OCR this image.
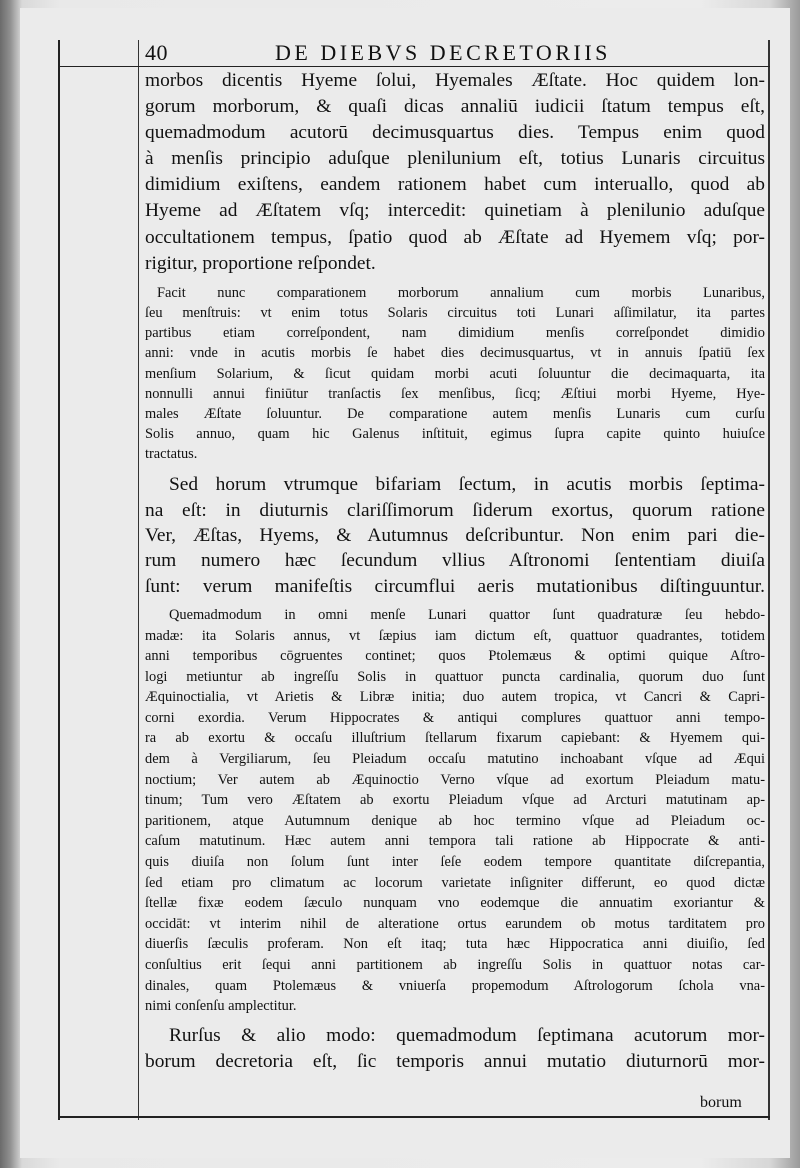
40	DE DIEBVS DECRETORIIS
morbos dicentis Hyeme ſolui, Hyemales Æſtate. Hoc quidem lon-
gorum morborum, & quaſi dicas annaliū iudicii ſtatum tempus eſt,
quemadmodum acutorū decimusquartus dies. Tempus enim quod
à menſis principio aduſque plenilunium eſt, totius Lunaris circuitus
dimidium exiſtens, eandem rationem habet cum interuallo, quod ab
Hyeme ad Æſtatem vſq; intercedit: quinetiam à plenilunio aduſque
occultationem tempus, ſpatio quod ab Æſtate ad Hyemem vſq; por-
rigitur, proportione reſpondet.
Facit nunc comparationem morborum annalium cum morbis Lunaribus,
ſeu menſtruis: vt enim totus Solaris circuitus toti Lunari aſſimilatur, ita partes
partibus etiam correſpondent, nam dimidium menſis correſpondet dimidio
anni: vnde in acutis morbis ſe habet dies decimusquartus, vt in annuis ſpatiū ſex
menſium Solarium, & ſicut quidam morbi acuti ſoluuntur die decimaquarta, ita
nonnulli annui finiūtur tranſactis ſex menſibus, ſicq; Æſtiui morbi Hyeme, Hye-
males Æſtate ſoluuntur. De comparatione autem menſis Lunaris cum curſu
Solis annuo, quam hic Galenus inſtituit, egimus ſupra capite quinto huiuſce
tractatus.
Sed horum vtrumque bifariam ſectum, in acutis morbis ſeptima-
na eſt: in diuturnis clariſſimorum ſiderum exortus, quorum ratione
Ver, Æſtas, Hyems, & Autumnus deſcribuntur. Non enim pari die-
rum numero hæc ſecundum vllius Aſtronomi ſententiam diuiſa
ſunt: verum manifeſtis circumflui aeris mutationibus diſtinguuntur.
Quemadmodum in omni menſe Lunari quattor ſunt quadraturæ ſeu hebdo-
madæ: ita Solaris annus, vt ſæpius iam dictum eſt, quattuor quadrantes, totidem
anni temporibus cōgruentes continet; quos Ptolemæus & optimi quique Aſtro-
logi metiuntur ab ingreſſu Solis in quattuor puncta cardinalia, quorum duo ſunt
Æquinoctialia, vt Arietis & Libræ initia; duo autem tropica, vt Cancri & Capri-
corni exordia. Verum Hippocrates & antiqui complures quattuor anni tempo-
ra ab exortu & occaſu illuſtrium ſtellarum fixarum capiebant: & Hyemem qui-
dem à Vergiliarum, ſeu Pleiadum occaſu matutino inchoabant vſque ad Æqui
noctium; Ver autem ab Æquinoctio Verno vſque ad exortum Pleiadum matu-
tinum; Tum vero Æſtatem ab exortu Pleiadum vſque ad Arcturi matutinam ap-
paritionem, atque Autumnum denique ab hoc termino vſque ad Pleiadum oc-
caſum matutinum. Hæc autem anni tempora tali ratione ab Hippocrate & anti-
quis diuiſa non ſolum ſunt inter ſeſe eodem tempore quantitate diſcrepantia,
ſed etiam pro climatum ac locorum varietate inſigniter differunt, eo quod dictæ
ſtellæ fixæ eodem ſæculo nunquam vno eodemque die annuatim exoriantur &
occidāt: vt interim nihil de alteratione ortus earundem ob motus tarditatem pro
diuerſis ſæculis proferam. Non eſt itaq; tuta hæc Hippocratica anni diuiſio, ſed
conſultius erit ſequi anni partitionem ab ingreſſu Solis in quattuor notas car-
dinales, quam Ptolemæus & vniuerſa propemodum Aſtrologorum ſchola vna-
nimi conſenſu amplectitur.
Rurſus & alio modo: quemadmodum ſeptimana acutorum mor-
borum decretoria eſt, ſic temporis annui mutatio diuturnorū mor-
borum
